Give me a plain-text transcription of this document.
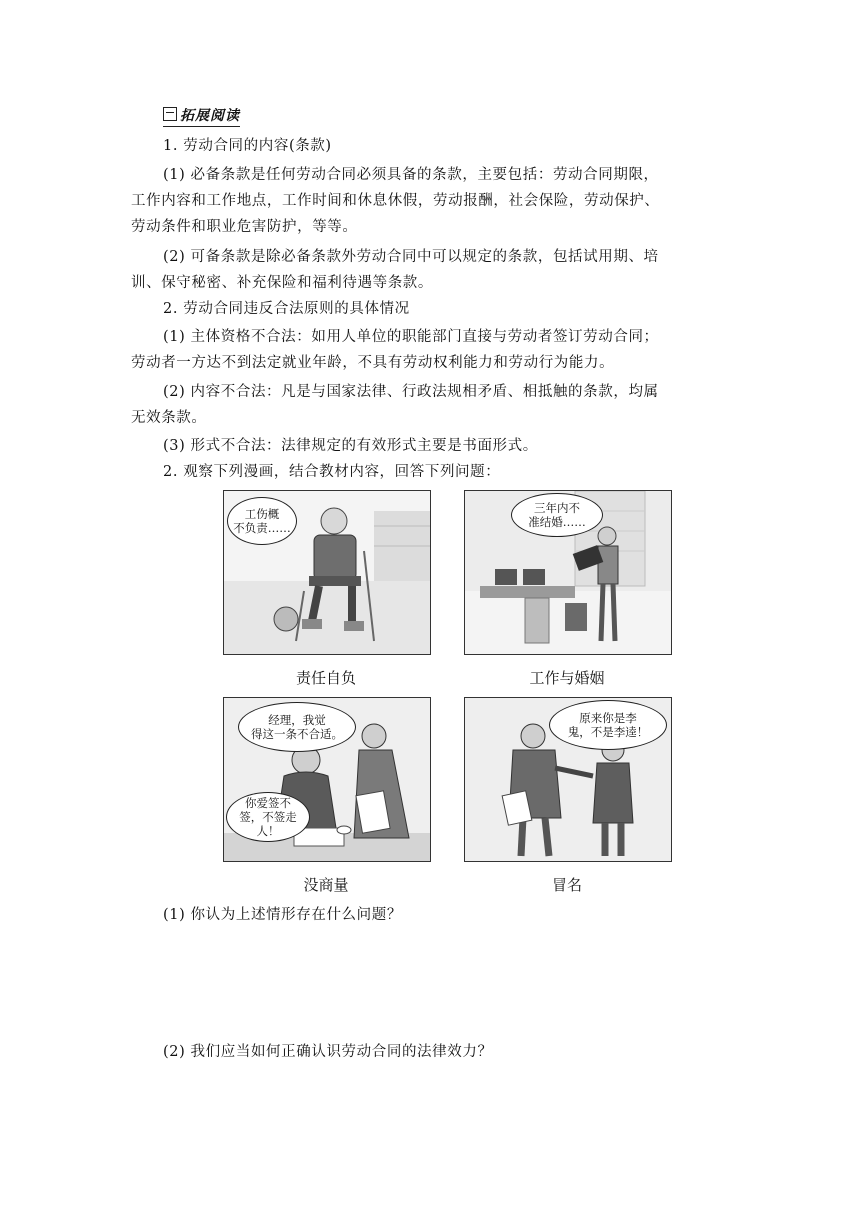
拓展阅读
1. 劳动合同的内容(条款)
(1) 必备条款是任何劳动合同必须具备的条款，主要包括：劳动合同期限，
工作内容和工作地点，工作时间和休息休假，劳动报酬，社会保险，劳动保护、
劳动条件和职业危害防护，等等。
(2) 可备条款是除必备条款外劳动合同中可以规定的条款，包括试用期、培
训、保守秘密、补充保险和福利待遇等条款。
2. 劳动合同违反合法原则的具体情况
(1) 主体资格不合法：如用人单位的职能部门直接与劳动者签订劳动合同；
劳动者一方达不到法定就业年龄，不具有劳动权利能力和劳动行为能力。
(2) 内容不合法：凡是与国家法律、行政法规相矛盾、相抵触的条款，均属
无效条款。
(3) 形式不合法：法律规定的有效形式主要是书面形式。
2. 观察下列漫画，结合教材内容，回答下列问题：
工伤概
不负责……
责任自负
三年内不
准结婚……
工作与婚姻
经理，我觉
得这一条不合适。
你爱签不
签，不签走人！
没商量
原来你是李
鬼，不是李逵！
冒名
(1) 你认为上述情形存在什么问题？
(2) 我们应当如何正确认识劳动合同的法律效力？
